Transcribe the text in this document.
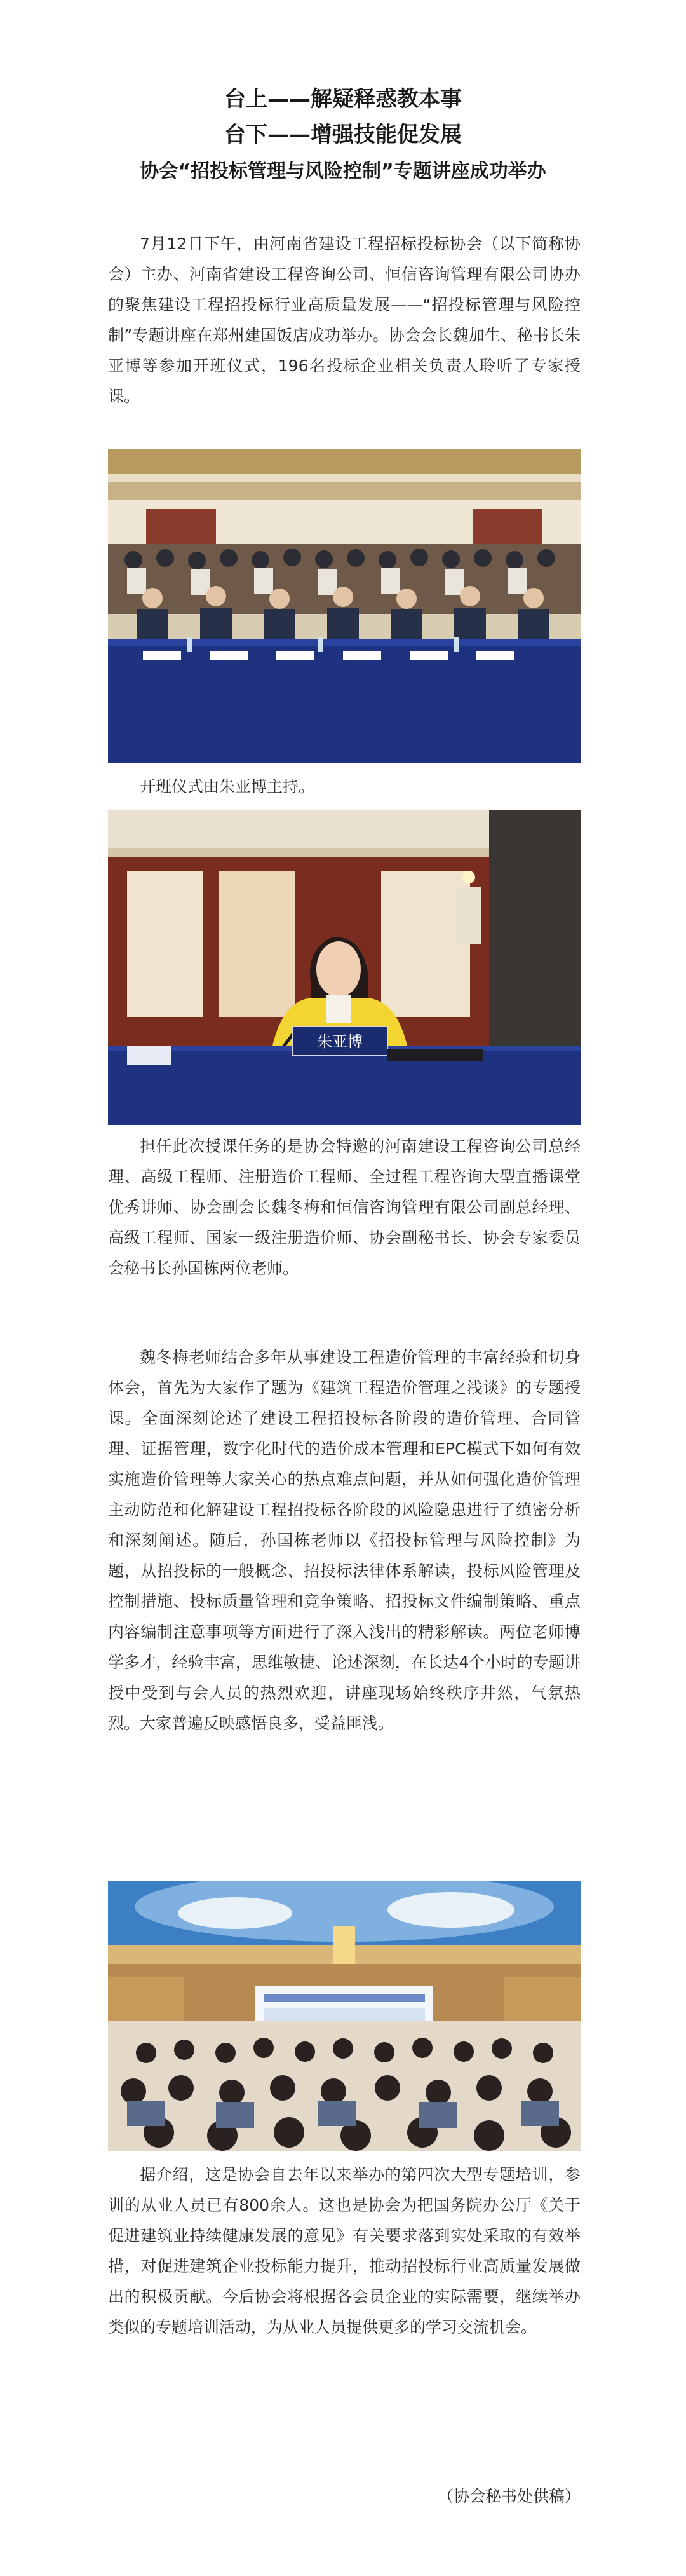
台上——解疑释惑教本事
台下——增强技能促发展
协会“招投标管理与风险控制”专题讲座成功举办

7月12日下午，由河南省建设工程招标投标协会（以下简称协会）主办、河南省建设工程咨询公司、恒信咨询管理有限公司协办的聚焦建设工程招投标行业高质量发展——“招投标管理与风险控制”专题讲座在郑州建国饭店成功举办。协会会长魏加生、秘书长朱亚博等参加开班仪式，196名投标企业相关负责人聆听了专家授课。

开班仪式由朱亚博主持。

朱亚博

担任此次授课任务的是协会特邀的河南建设工程咨询公司总经理、高级工程师、注册造价工程师、全过程工程咨询大型直播课堂优秀讲师、协会副会长魏冬梅和恒信咨询管理有限公司副总经理、高级工程师、国家一级注册造价师、协会副秘书长、协会专家委员会秘书长孙国栋两位老师。

魏冬梅老师结合多年从事建设工程造价管理的丰富经验和切身体会，首先为大家作了题为《建筑工程造价管理之浅谈》的专题授课。全面深刻论述了建设工程招投标各阶段的造价管理、合同管理、证据管理，数字化时代的造价成本管理和EPC模式下如何有效实施造价管理等大家关心的热点难点问题，并从如何强化造价管理主动防范和化解建设工程招投标各阶段的风险隐患进行了缜密分析和深刻阐述。随后，孙国栋老师以《招投标管理与风险控制》为题，从招投标的一般概念、招投标法律体系解读，投标风险管理及控制措施、投标质量管理和竞争策略、招投标文件编制策略、重点内容编制注意事项等方面进行了深入浅出的精彩解读。两位老师博学多才，经验丰富，思维敏捷、论述深刻，在长达4个小时的专题讲授中受到与会人员的热烈欢迎，讲座现场始终秩序井然，气氛热烈。大家普遍反映感悟良多，受益匪浅。

据介绍，这是协会自去年以来举办的第四次大型专题培训，参训的从业人员已有800余人。这也是协会为把国务院办公厅《关于促进建筑业持续健康发展的意见》有关要求落到实处采取的有效举措，对促进建筑企业投标能力提升，推动招投标行业高质量发展做出的积极贡献。今后协会将根据各会员企业的实际需要，继续举办类似的专题培训活动，为从业人员提供更多的学习交流机会。

（协会秘书处供稿）
